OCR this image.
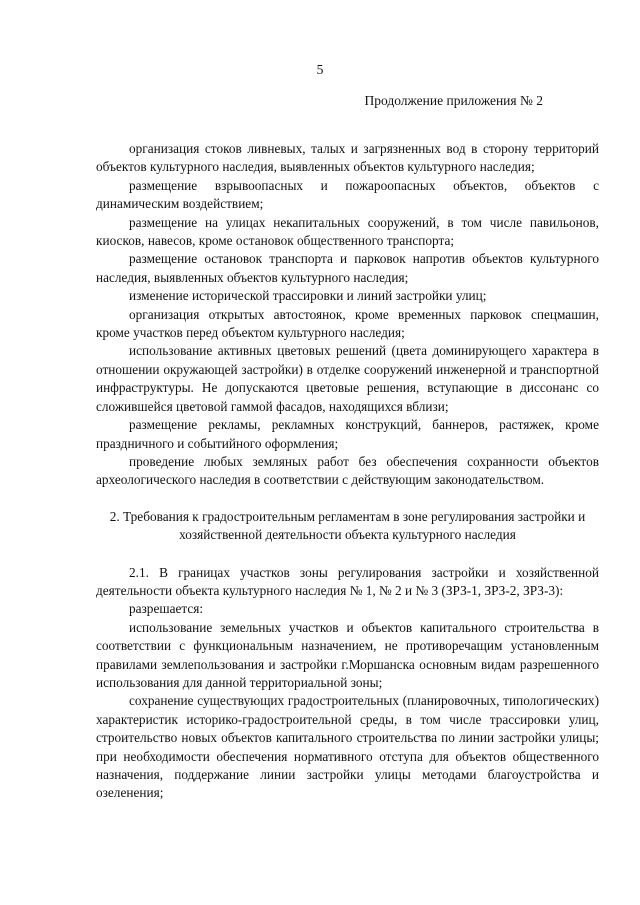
5
Продолжение приложения № 2

организация стоков ливневых, талых и загрязненных вод в сторону территорий объектов культурного наследия, выявленных объектов культурного наследия;

размещение взрывоопасных и пожароопасных объектов, объектов с динамическим воздействием;

размещение на улицах некапитальных сооружений, в том числе павильонов, киосков, навесов, кроме остановок общественного транспорта;

размещение остановок транспорта и парковок напротив объектов культурного наследия, выявленных объектов культурного наследия;

изменение исторической трассировки и линий застройки улиц;

организация открытых автостоянок, кроме временных парковок спецмашин, кроме участков перед объектом культурного наследия;

использование активных цветовых решений (цвета доминирующего характера в отношении окружающей застройки) в отделке сооружений инженерной и транспортной инфраструктуры. Не допускаются цветовые решения, вступающие в диссонанс со сложившейся цветовой гаммой фасадов, находящихся вблизи;

размещение рекламы, рекламных конструкций, баннеров, растяжек, кроме праздничного и событийного оформления;

проведение любых земляных работ без обеспечения сохранности объектов археологического наследия в соответствии с действующим законодательством.

2. Требования к градостроительным регламентам в зоне регулирования застройки и хозяйственной деятельности объекта культурного наследия

2.1. В границах участков зоны регулирования застройки и хозяйственной деятельности объекта культурного наследия № 1, № 2 и № 3 (ЗРЗ-1, ЗРЗ-2, ЗРЗ-3):

разрешается:

использование земельных участков и объектов капитального строительства в соответствии с функциональным назначением, не противоречащим установленным правилами землепользования и застройки г.Моршанска основным видам разрешенного использования для данной территориальной зоны;

сохранение существующих градостроительных (планировочных, типологических) характеристик историко-градостроительной среды, в том числе трассировки улиц, строительство новых объектов капитального строительства по линии застройки улицы; при необходимости обеспечения нормативного отступа для объектов общественного назначения, поддержание линии застройки улицы методами благоустройства и озеленения;
